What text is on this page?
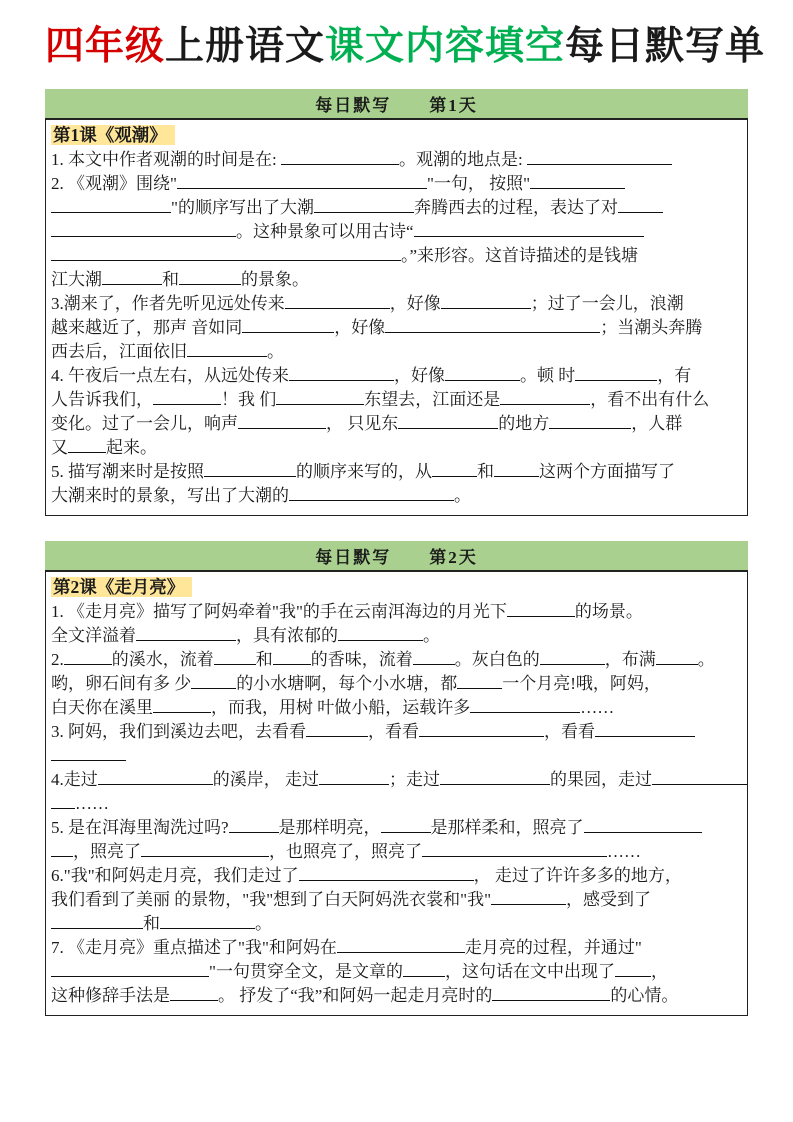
四年级上册语文课文内容填空每日默写单
每日默写　　第1天
第1课《观潮》
1. 本文中作者观潮的时间是在:	。观潮的地点是:
2. 《观潮》围绕"	"一句， 按照"
"的顺序写出了大潮	奔腾西去的过程，表达了对
。这种景象可以用古诗“
。”来形容。这首诗描述的是钱塘
江大潮	和	的景象。
3.潮来了，作者先听见远处传来	，好像	；过了一会儿，浪潮
越来越近了，那声 音如同	，好像	；当潮头奔腾
西去后，江面依旧	。
4. 午夜后一点左右，从远处传来	，好像	。顿 时	，有
人告诉我们，	！我 们	东望去，江面还是	，看不出有什么
变化。过了一会儿，响声	， 只见东	的地方	，人群
又 起来。
5. 描写潮来时是按照	的顺序来写的，从	和	这两个方面描写了
大潮来时的景象，写出了大潮的	。
每日默写　　第2天
第2课《走月亮》
1. 《走月亮》描写了阿妈牵着"我"的手在云南洱海边的月光下	的场景。
全文洋溢着	，具有浓郁的	。
2.	的溪水，流着 和 的香味，流着 。灰白色的	，布满 。
哟，卵石间有多 少	的小水塘啊，每个小水塘，都	一个月亮!哦，阿妈，
白天你在溪里	，而我，用树 叶做小船，运载许多	……
3. 阿妈，我们到溪边去吧，去看看	，看看	，看看
4.走过	的溪岸， 走过	；走过	的果园，走过
……
5. 是在洱海里淘洗过吗?	是那样明亮，	是那样柔和，照亮了
，照亮了	，也照亮了，照亮了	……
6."我"和阿妈走月亮，我们走过了	， 走过了许许多多的地方，
我们看到了美丽 的景物，"我"想到了白天阿妈洗衣裳和"我"	，感受到了
和	。
7. 《走月亮》重点描述了"我"和阿妈在	走月亮的过程，并通过"
"一句贯穿全文，是文章的 ，这句话在文中出现了 ，
这种修辞手法是	。 抒发了“我”和阿妈一起走月亮时的	的心情。
